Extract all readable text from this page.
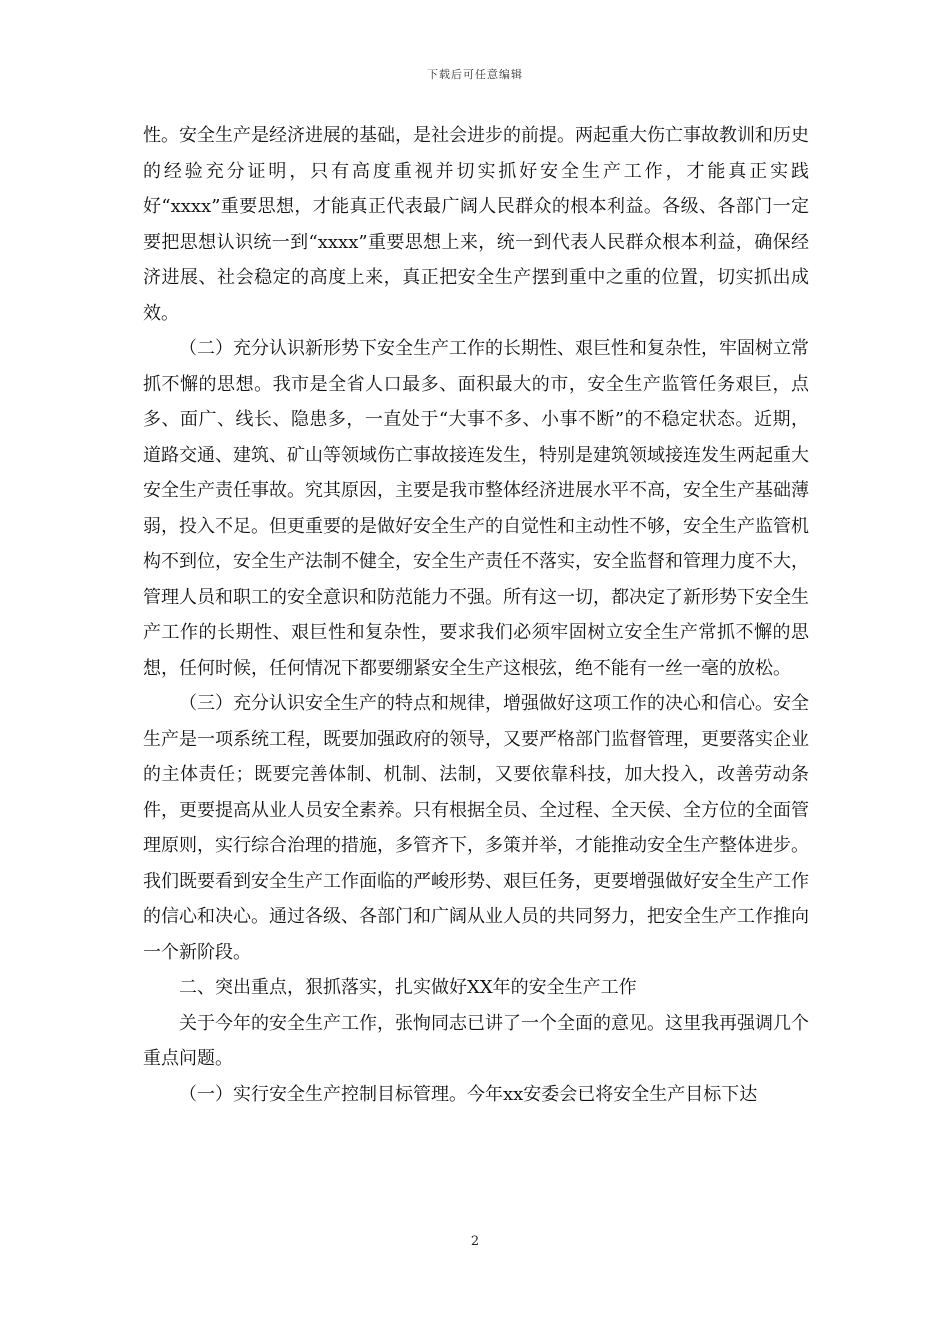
下载后可任意编辑

性。安全生产是经济进展的基础，是社会进步的前提。两起重大伤亡事故教训和历史的经验充分证明，只有高度重视并切实抓好安全生产工作，才能真正实践好“xxxx”重要思想，才能真正代表最广阔人民群众的根本利益。各级、各部门一定要把思想认识统一到“xxxx”重要思想上来，统一到代表人民群众根本利益，确保经济进展、社会稳定的高度上来，真正把安全生产摆到重中之重的位置，切实抓出成效。

（二）充分认识新形势下安全生产工作的长期性、艰巨性和复杂性，牢固树立常抓不懈的思想。我市是全省人口最多、面积最大的市，安全生产监管任务艰巨，点多、面广、线长、隐患多，一直处于“大事不多、小事不断”的不稳定状态。近期，道路交通、建筑、矿山等领域伤亡事故接连发生，特别是建筑领域接连发生两起重大安全生产责任事故。究其原因，主要是我市整体经济进展水平不高，安全生产基础薄弱，投入不足。但更重要的是做好安全生产的自觉性和主动性不够，安全生产监管机构不到位，安全生产法制不健全，安全生产责任不落实，安全监督和管理力度不大，管理人员和职工的安全意识和防范能力不强。所有这一切，都决定了新形势下安全生产工作的长期性、艰巨性和复杂性，要求我们必须牢固树立安全生产常抓不懈的思想，任何时候，任何情况下都要绷紧安全生产这根弦，绝不能有一丝一毫的放松。

（三）充分认识安全生产的特点和规律，增强做好这项工作的决心和信心。安全生产是一项系统工程，既要加强政府的领导，又要严格部门监督管理，更要落实企业的主体责任；既要完善体制、机制、法制，又要依靠科技，加大投入，改善劳动条件，更要提高从业人员安全素养。只有根据全员、全过程、全天侯、全方位的全面管理原则，实行综合治理的措施，多管齐下，多策并举，才能推动安全生产整体进步。我们既要看到安全生产工作面临的严峻形势、艰巨任务，更要增强做好安全生产工作的信心和决心。通过各级、各部门和广阔从业人员的共同努力，把安全生产工作推向一个新阶段。

二、突出重点，狠抓落实，扎实做好XX年的安全生产工作

关于今年的安全生产工作，张恂同志已讲了一个全面的意见。这里我再强调几个重点问题。

（一）实行安全生产控制目标管理。今年xx安委会已将安全生产目标下达

2
